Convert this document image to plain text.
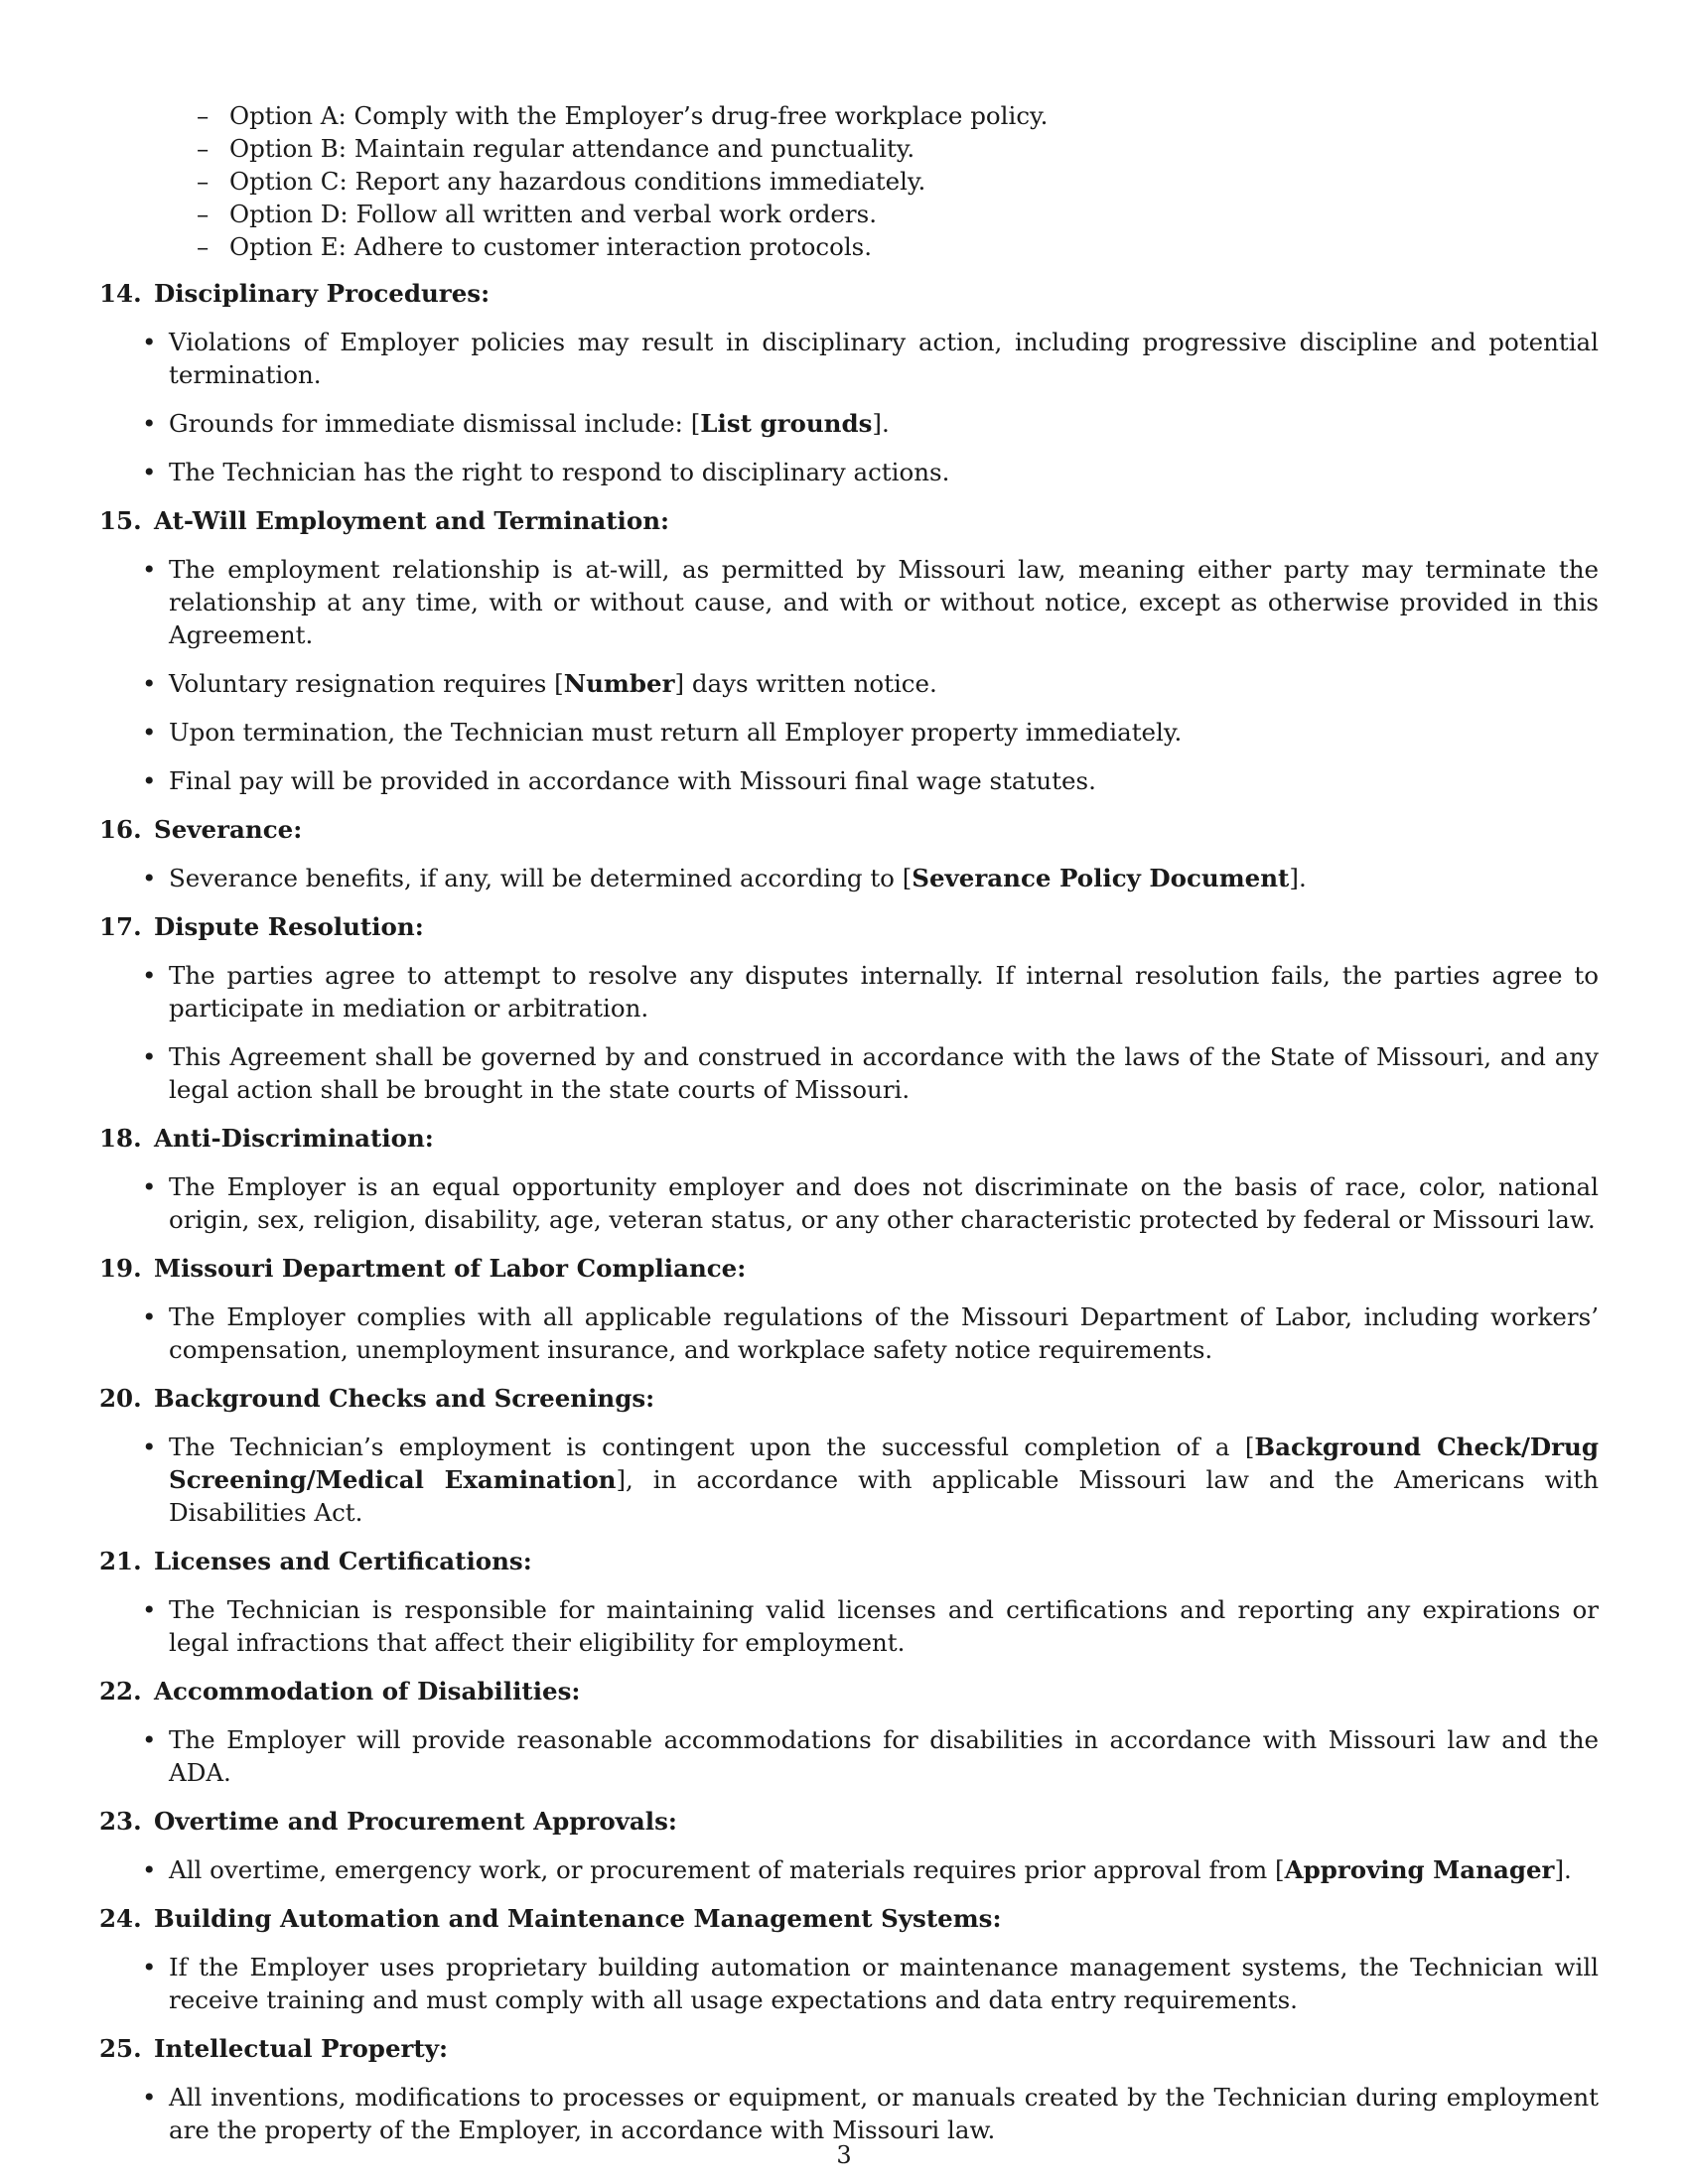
– Option A: Comply with the Employer’s drug-free workplace policy.
– Option B: Maintain regular attendance and punctuality.
– Option C: Report any hazardous conditions immediately.
– Option D: Follow all written and verbal work orders.
– Option E: Adhere to customer interaction protocols.
14. Disciplinary Procedures:
• Violations of Employer policies may result in disciplinary action, including progressive discipline and potential termination.
• Grounds for immediate dismissal include: [List grounds].
• The Technician has the right to respond to disciplinary actions.
15. At-Will Employment and Termination:
• The employment relationship is at-will, as permitted by Missouri law, meaning either party may terminate the relationship at any time, with or without cause, and with or without notice, except as otherwise provided in this Agreement.
• Voluntary resignation requires [Number] days written notice.
• Upon termination, the Technician must return all Employer property immediately.
• Final pay will be provided in accordance with Missouri final wage statutes.
16. Severance:
• Severance benefits, if any, will be determined according to [Severance Policy Document].
17. Dispute Resolution:
• The parties agree to attempt to resolve any disputes internally. If internal resolution fails, the parties agree to participate in mediation or arbitration.
• This Agreement shall be governed by and construed in accordance with the laws of the State of Missouri, and any legal action shall be brought in the state courts of Missouri.
18. Anti-Discrimination:
• The Employer is an equal opportunity employer and does not discriminate on the basis of race, color, national origin, sex, religion, disability, age, veteran status, or any other characteristic protected by federal or Missouri law.
19. Missouri Department of Labor Compliance:
• The Employer complies with all applicable regulations of the Missouri Department of Labor, including workers’ compensation, unemployment insurance, and workplace safety notice requirements.
20. Background Checks and Screenings:
• The Technician’s employment is contingent upon the successful completion of a [Background Check/Drug Screening/Medical Examination], in accordance with applicable Missouri law and the Americans with Disabilities Act.
21. Licenses and Certifications:
• The Technician is responsible for maintaining valid licenses and certifications and reporting any expirations or legal infractions that affect their eligibility for employment.
22. Accommodation of Disabilities:
• The Employer will provide reasonable accommodations for disabilities in accordance with Missouri law and the ADA.
23. Overtime and Procurement Approvals:
• All overtime, emergency work, or procurement of materials requires prior approval from [Approving Manager].
24. Building Automation and Maintenance Management Systems:
• If the Employer uses proprietary building automation or maintenance management systems, the Technician will receive training and must comply with all usage expectations and data entry requirements.
25. Intellectual Property:
• All inventions, modifications to processes or equipment, or manuals created by the Technician during employment are the property of the Employer, in accordance with Missouri law.
3
